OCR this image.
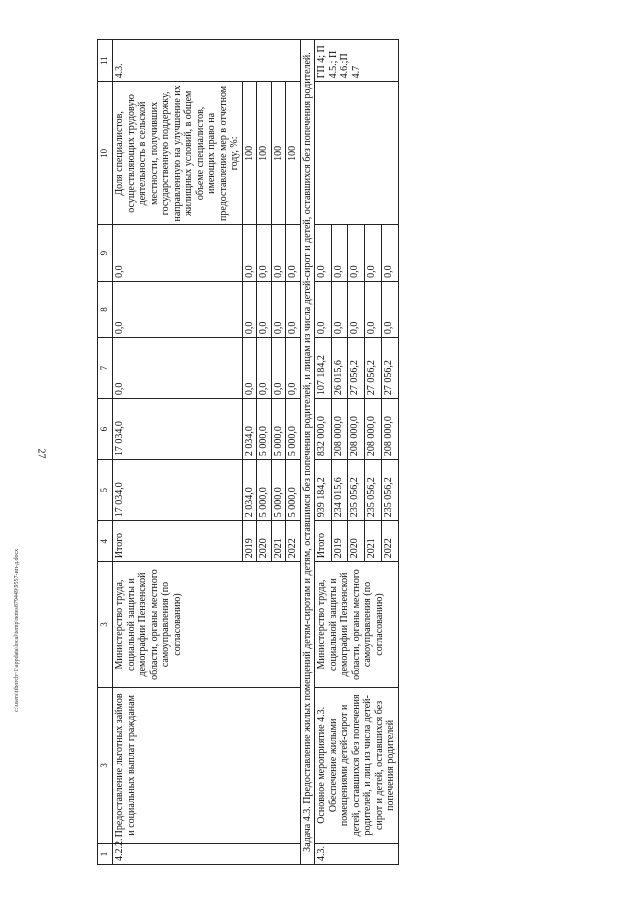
27
c:\users\tiborch~1\appdata\local\temp\notes879449\9557-ип-д.docx
1	3	3	4	5	6	7	8	9	10	11
4.2.2.	Предоставление льготных займов и социальных выплат гражданам	Министерство труда, социальной защиты и демографии Пензенской области, органы местного самоуправления (по согласованию)	Итого	17 034,0	17 034,0	0,0	0,0	0,0	Доля специалистов, осуществляющих трудовую деятельность в сельской местности, получивших государственную поддержку, направленную на улучшение их жилищных условий, в общем объеме специалистов, имеющих право на предоставление мер в отчетном году, %:	4.3.
			2019	2 034,0	2 034,0	0,0	0,0	0,0	100	
			2020	5 000,0	5 000,0	0,0	0,0	0,0	100	
			2021	5 000,0	5 000,0	0,0	0,0	0,0	100	
			2022	5 000,0	5 000,0	0,0	0,0	0,0	100	
Задача 4.3. Предоставление жилых помещений детям-сиротам и детям, оставшимся без попечения родителей, и лицам из числа детей-сирот и детей, оставшихся без попечения родителей.										
4.3.	Основное мероприятие 4.3. Обеспечение жилыми помещениями детей-сирот и детей, оставшихся без попечения родителей, и лиц из числа детей-сирот и детей, оставшихся без попечения родителей	Министерство труда, социальной защиты и демографии Пензенской области, органы местного самоуправления (по согласованию)	Итого	939 184,2	832 000,0	107 184,2	0,0	0,0		ГП 4; П 4.5.; П 4.6.;П 4.7
			2019	234 015,6	208 000,0	26 015,6	0,0	0,0		
			2020	235 056,2	208 000,0	27 056,2	0,0	0,0		
			2021	235 056,2	208 000,0	27 056,2	0,0	0,0		
			2022	235 056,2	208 000,0	27 056,2	0,0	0,0		
